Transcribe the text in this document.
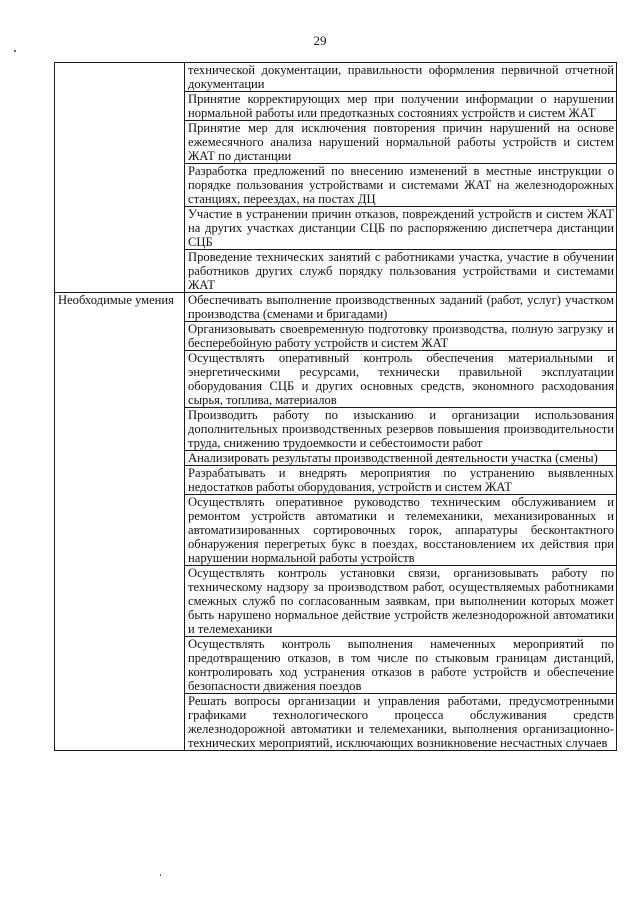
29
	технической документации, правильности оформления первичной отчетной документации
	Принятие корректирующих мер при получении информации о нарушении нормальной работы или предотказных состояниях устройств и систем ЖАТ
	Принятие мер для исключения повторения причин нарушений на основе ежемесячного анализа нарушений нормальной работы устройств и систем ЖАТ по дистанции
	Разработка предложений по внесению изменений в местные инструкции о порядке пользования устройствами и системами ЖАТ на железнодорожных станциях, переездах, на постах ДЦ
	Участие в устранении причин отказов, повреждений устройств и систем ЖАТ на других участках дистанции СЦБ по распоряжению диспетчера дистанции СЦБ
	Проведение технических занятий с работниками участка, участие в обучении работников других служб порядку пользования устройствами и системами ЖАТ
Необходимые умения	Обеспечивать выполнение производственных заданий (работ, услуг) участком производства (сменами и бригадами)
	Организовывать своевременную подготовку производства, полную загрузку и бесперебойную работу устройств и систем ЖАТ
	Осуществлять оперативный контроль обеспечения материальными и энергетическими ресурсами, технически правильной эксплуатации оборудования СЦБ и других основных средств, экономного расходования сырья, топлива, материалов
	Производить работу по изысканию и организации использования дополнительных производственных резервов повышения производительности труда, снижению трудоемкости и себестоимости работ
	Анализировать результаты производственной деятельности участка (смены)
	Разрабатывать и внедрять мероприятия по устранению выявленных недостатков работы оборудования, устройств и систем ЖАТ
	Осуществлять оперативное руководство техническим обслуживанием и ремонтом устройств автоматики и телемеханики, механизированных и автоматизированных сортировочных горок, аппаратуры бесконтактного обнаружения перегретых букс в поездах, восстановлением их действия при нарушении нормальной работы устройств
	Осуществлять контроль установки связи, организовывать работу по техническому надзору за производством работ, осуществляемых работниками смежных служб по согласованным заявкам, при выполнении которых может быть нарушено нормальное действие устройств железнодорожной автоматики и телемеханики
	Осуществлять контроль выполнения намеченных мероприятий по предотвращению отказов, в том числе по стыковым границам дистанций, контролировать ход устранения отказов в работе устройств и обеспечение безопасности движения поездов
	Решать вопросы организации и управления работами, предусмотренными графиками технологического процесса обслуживания средств железнодорожной автоматики и телемеханики, выполнения организационно-технических мероприятий, исключающих возникновение несчастных случаев
